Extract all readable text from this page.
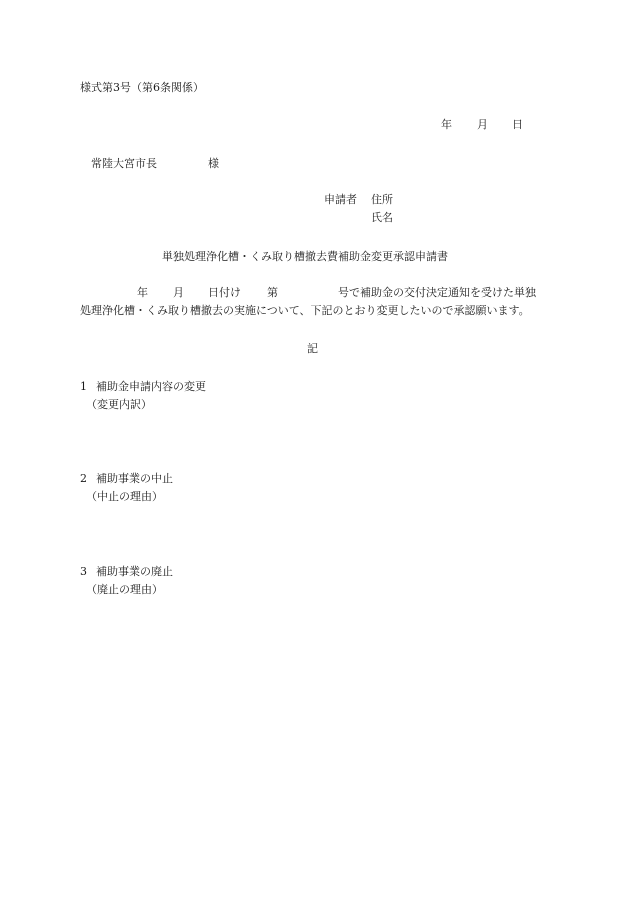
様式第3号（第6条関係）
年 月 日
常陸大宮市長	様
申請者 住所
氏名
単独処理浄化槽・くみ取り槽撤去費補助金変更承認申請書
年 月 日付け 第	号で補助金の交付決定通知を受けた単独
処理浄化槽・くみ取り槽撤去の実施について、下記のとおり変更したいので承認願います。
記
1 補助金申請内容の変更
（変更内訳）
2 補助事業の中止
（中止の理由）
3 補助事業の廃止
（廃止の理由）
